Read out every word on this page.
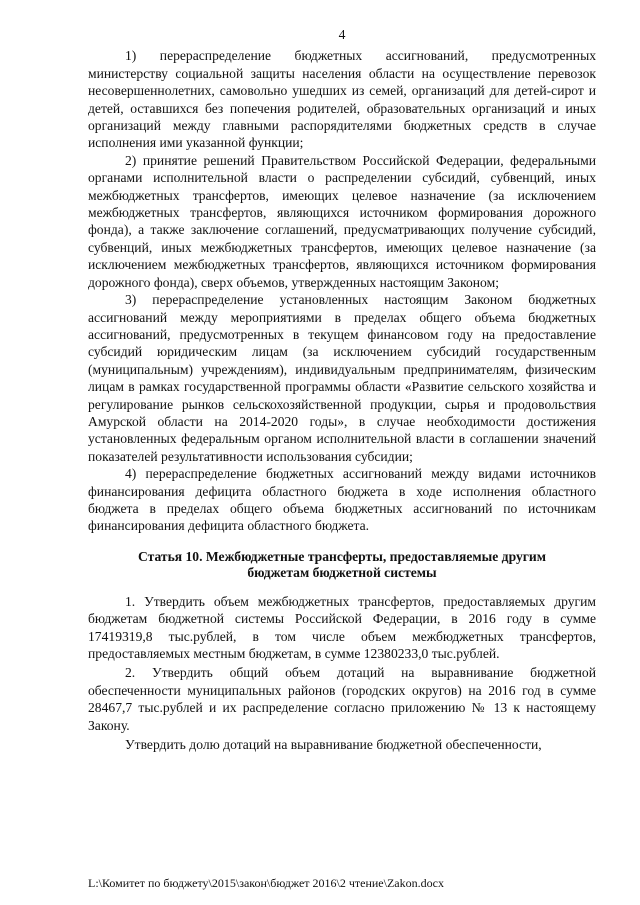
4

1) перераспределение бюджетных ассигнований, предусмотренных министерству социальной защиты населения области на осуществление перевозок несовершеннолетних, самовольно ушедших из семей, организаций для детей-сирот и детей, оставшихся без попечения родителей, образовательных организаций и иных организаций между главными распорядителями бюджетных средств в случае исполнения ими указанной функции;

2) принятие решений Правительством Российской Федерации, федеральными органами исполнительной власти о распределении субсидий, субвенций, иных межбюджетных трансфертов, имеющих целевое назначение (за исключением межбюджетных трансфертов, являющихся источником формирования дорожного фонда), а также заключение соглашений, предусматривающих получение субсидий, субвенций, иных межбюджетных трансфертов, имеющих целевое назначение (за исключением межбюджетных трансфертов, являющихся источником формирования дорожного фонда), сверх объемов, утвержденных настоящим Законом;

3) перераспределение установленных настоящим Законом бюджетных ассигнований между мероприятиями в пределах общего объема бюджетных ассигнований, предусмотренных в текущем финансовом году на предоставление субсидий юридическим лицам (за исключением субсидий государственным (муниципальным) учреждениям), индивидуальным предпринимателям, физическим лицам в рамках государственной программы области «Развитие сельского хозяйства и регулирование рынков сельскохозяйственной продукции, сырья и продовольствия Амурской области на 2014-2020 годы», в случае необходимости достижения установленных федеральным органом исполнительной власти в соглашении значений показателей результативности использования субсидии;

4) перераспределение бюджетных ассигнований между видами источников финансирования дефицита областного бюджета в ходе исполнения областного бюджета в пределах общего объема бюджетных ассигнований по источникам финансирования дефицита областного бюджета.

Статья 10. Межбюджетные трансферты, предоставляемые другим
бюджетам бюджетной системы

1. Утвердить объем межбюджетных трансфертов, предоставляемых другим бюджетам бюджетной системы Российской Федерации, в 2016 году в сумме 17419319,8 тыс.рублей, в том числе объем межбюджетных трансфертов, предоставляемых местным бюджетам, в сумме 12380233,0 тыс.рублей.

2. Утвердить общий объем дотаций на выравнивание бюджетной обеспеченности муниципальных районов (городских округов) на 2016 год в сумме 28467,7 тыс.рублей и их распределение согласно приложению № 13 к настоящему Закону.

Утвердить долю дотаций на выравнивание бюджетной обеспеченности,

L:\Комитет по бюджету\2015\закон\бюджет 2016\2 чтение\Zakon.docx
